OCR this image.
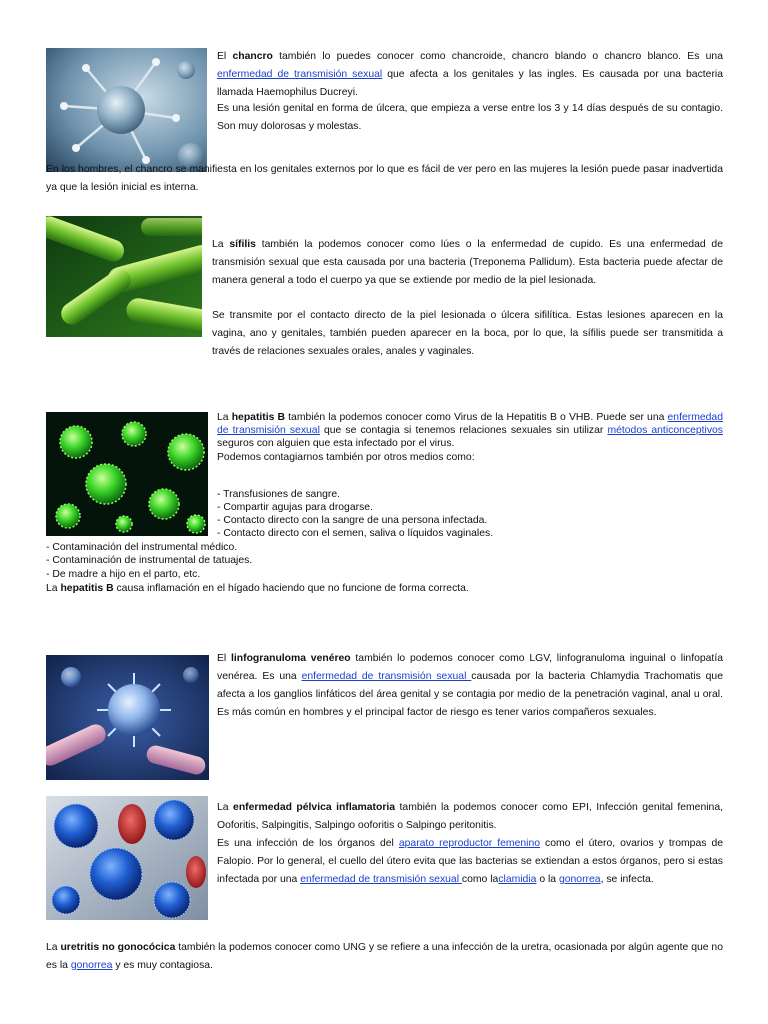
El chancro también lo puedes conocer como chancroide, chancro blando o chancro blanco. Es una enfermedad de transmisión sexual que afecta a los genitales y las ingles. Es causada por una bacteria llamada Haemophilus Ducreyi.
Es una lesión genital en forma de úlcera, que empieza a verse entre los 3 y 14 días después de su contagio. Son muy dolorosas y molestas.
En los hombres, el chancro se manifiesta en los genitales externos por lo que es fácil de ver pero en las mujeres la lesión puede pasar inadvertida ya que la lesión inicial es interna.
La sífilis también la podemos conocer como lúes o la enfermedad de cupido. Es una enfermedad de transmisión sexual que esta causada por una bacteria (Treponema Pallidum). Esta bacteria puede afectar de manera general a todo el cuerpo ya que se extiende por medio de la piel lesionada.
Se transmite por el contacto directo de la piel lesionada o úlcera sifilítica. Estas lesiones aparecen en la vagina, ano y genitales, también pueden aparecer en la boca, por lo que, la sífilis puede ser transmitida a través de relaciones sexuales orales, anales y vaginales.
La hepatitis B también la podemos conocer como Virus de la Hepatitis B o VHB. Puede ser una enfermedad de transmisión sexual que se contagia si tenemos relaciones sexuales sin utilizar métodos anticonceptivos seguros con alguien que esta infectado por el virus.
Podemos contagiarnos también por otros medios como:
- Transfusiones de sangre.
- Compartir agujas para drogarse.
- Contacto directo con la sangre de una persona infectada.
- Contacto directo con el semen, saliva o líquidos vaginales.
- Contaminación del instrumental médico.
- Contaminación de instrumental de tatuajes.
- De madre a hijo en el parto, etc.
La hepatitis B causa inflamación en el hígado haciendo que no funcione de forma correcta.
El linfogranuloma venéreo también lo podemos conocer como LGV, linfogranuloma inguinal o linfopatía venérea. Es una enfermedad de transmisión sexual causada por la bacteria Chlamydia Trachomatis que afecta a los ganglios linfáticos del área genital y se contagia por medio de la penetración vaginal, anal u oral. Es más común en hombres y el principal factor de riesgo es tener varios compañeros sexuales.
La enfermedad pélvica inflamatoria también la podemos conocer como EPI, Infección genital femenina, Ooforitis, Salpingitis, Salpingo ooforitis o Salpingo peritonitis.
Es una infección de los órganos del aparato reproductor femenino como el útero, ovarios y trompas de Falopio. Por lo general, el cuello del útero evita que las bacterias se extiendan a estos órganos, pero si estas infectada por una enfermedad de transmisión sexual como laclamidia o la gonorrea, se infecta.
La uretritis no gonocócica también la podemos conocer como UNG y se refiere a una infección de la uretra, ocasionada por algún agente que no es la gonorrea y es muy contagiosa.
